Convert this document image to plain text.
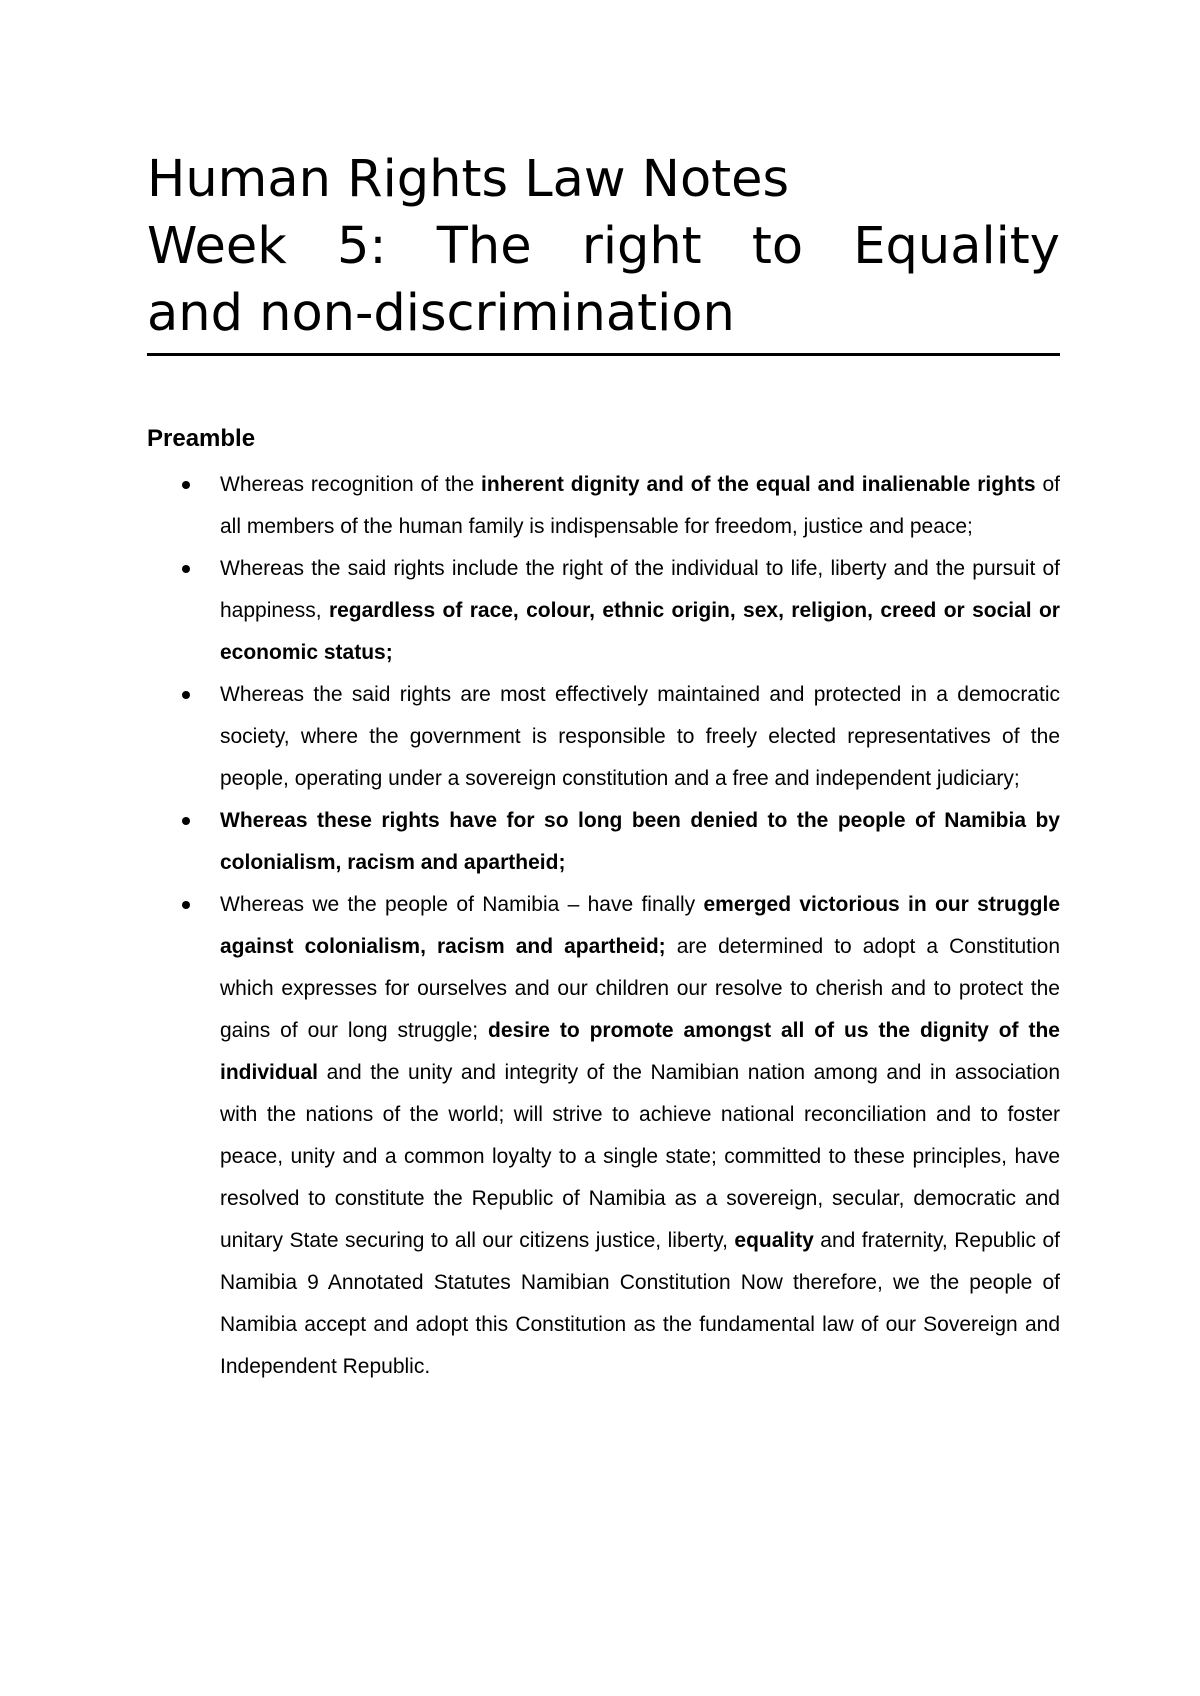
Human Rights Law Notes
Week 5: The right to Equality
and non-discrimination
Preamble
Whereas recognition of the inherent dignity and of the equal and inalienable rights of all members of the human family is indispensable for freedom, justice and peace;
Whereas the said rights include the right of the individual to life, liberty and the pursuit of happiness, regardless of race, colour, ethnic origin, sex, religion, creed or social or economic status;
Whereas the said rights are most effectively maintained and protected in a democratic society, where the government is responsible to freely elected representatives of the people, operating under a sovereign constitution and a free and independent judiciary;
Whereas these rights have for so long been denied to the people of Namibia by colonialism, racism and apartheid;
Whereas we the people of Namibia – have finally emerged victorious in our struggle against colonialism, racism and apartheid; are determined to adopt a Constitution which expresses for ourselves and our children our resolve to cherish and to protect the gains of our long struggle; desire to promote amongst all of us the dignity of the individual and the unity and integrity of the Namibian nation among and in association with the nations of the world; will strive to achieve national reconciliation and to foster peace, unity and a common loyalty to a single state; committed to these principles, have resolved to constitute the Republic of Namibia as a sovereign, secular, democratic and unitary State securing to all our citizens justice, liberty, equality and fraternity, Republic of Namibia 9 Annotated Statutes Namibian Constitution Now therefore, we the people of Namibia accept and adopt this Constitution as the fundamental law of our Sovereign and Independent Republic.
